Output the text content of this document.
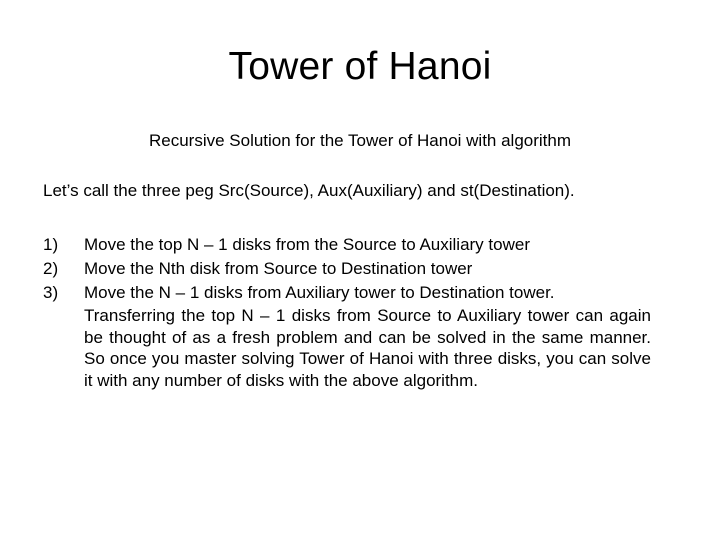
Tower of Hanoi
Recursive Solution for the Tower of Hanoi with algorithm
Let’s call the three peg Src(Source), Aux(Auxiliary) and st(Destination).
1) Move the top N – 1 disks from the Source to Auxiliary tower
2) Move the Nth disk from Source to Destination tower
3) Move the N – 1 disks from Auxiliary tower to Destination tower.
Transferring the top N – 1 disks from Source to Auxiliary tower can again be thought of as a fresh problem and can be solved in the same manner. So once you master solving Tower of Hanoi with three disks, you can solve it with any number of disks with the above algorithm.
